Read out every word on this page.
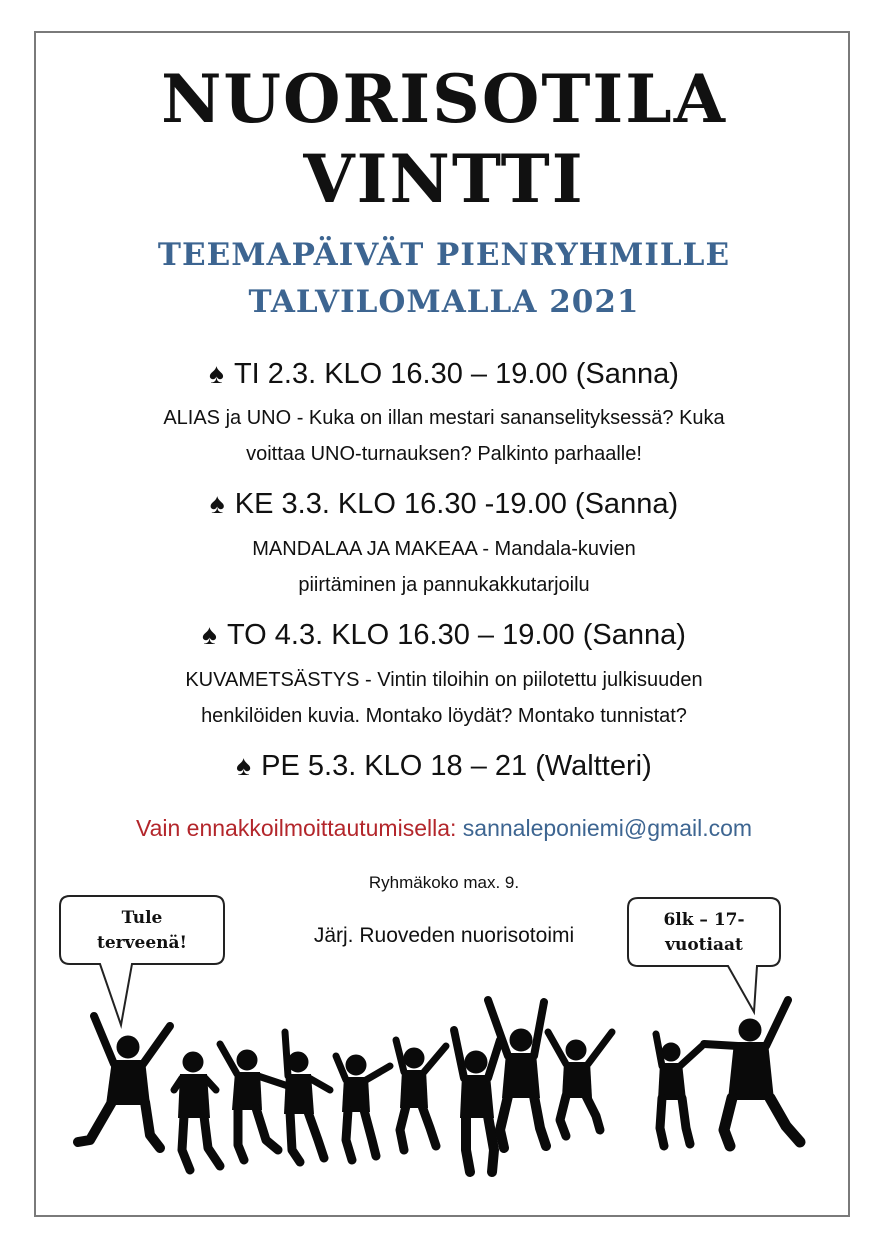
NUORISOTILA
VINTTI
TEEMAPÄIVÄT PIENRYHMILLE
TALVILOMALLA 2021
♠ TI 2.3. KLO 16.30 – 19.00 (Sanna)
ALIAS ja UNO - Kuka on illan mestari sananselityksessä? Kuka
voittaa UNO-turnauksen? Palkinto parhaalle!
♠ KE 3.3. KLO 16.30 -19.00 (Sanna)
MANDALAA JA MAKEAA - Mandala-kuvien
piirtäminen ja pannukakkutarjoilu
♠ TO 4.3. KLO 16.30 – 19.00 (Sanna)
KUVAMETSÄSTYS - Vintin tiloihin on piilotettu julkisuuden
henkilöiden kuvia. Montako löydät? Montako tunnistat?
♠ PE 5.3. KLO 18 – 21 (Waltteri)
Vain ennakkoilmoittautumisella: sannaleponiemi@gmail.com
Ryhmäkoko max. 9.
Järj. Ruoveden nuorisotoimi
Tule
terveenä!
6lk – 17-
vuotiaat
